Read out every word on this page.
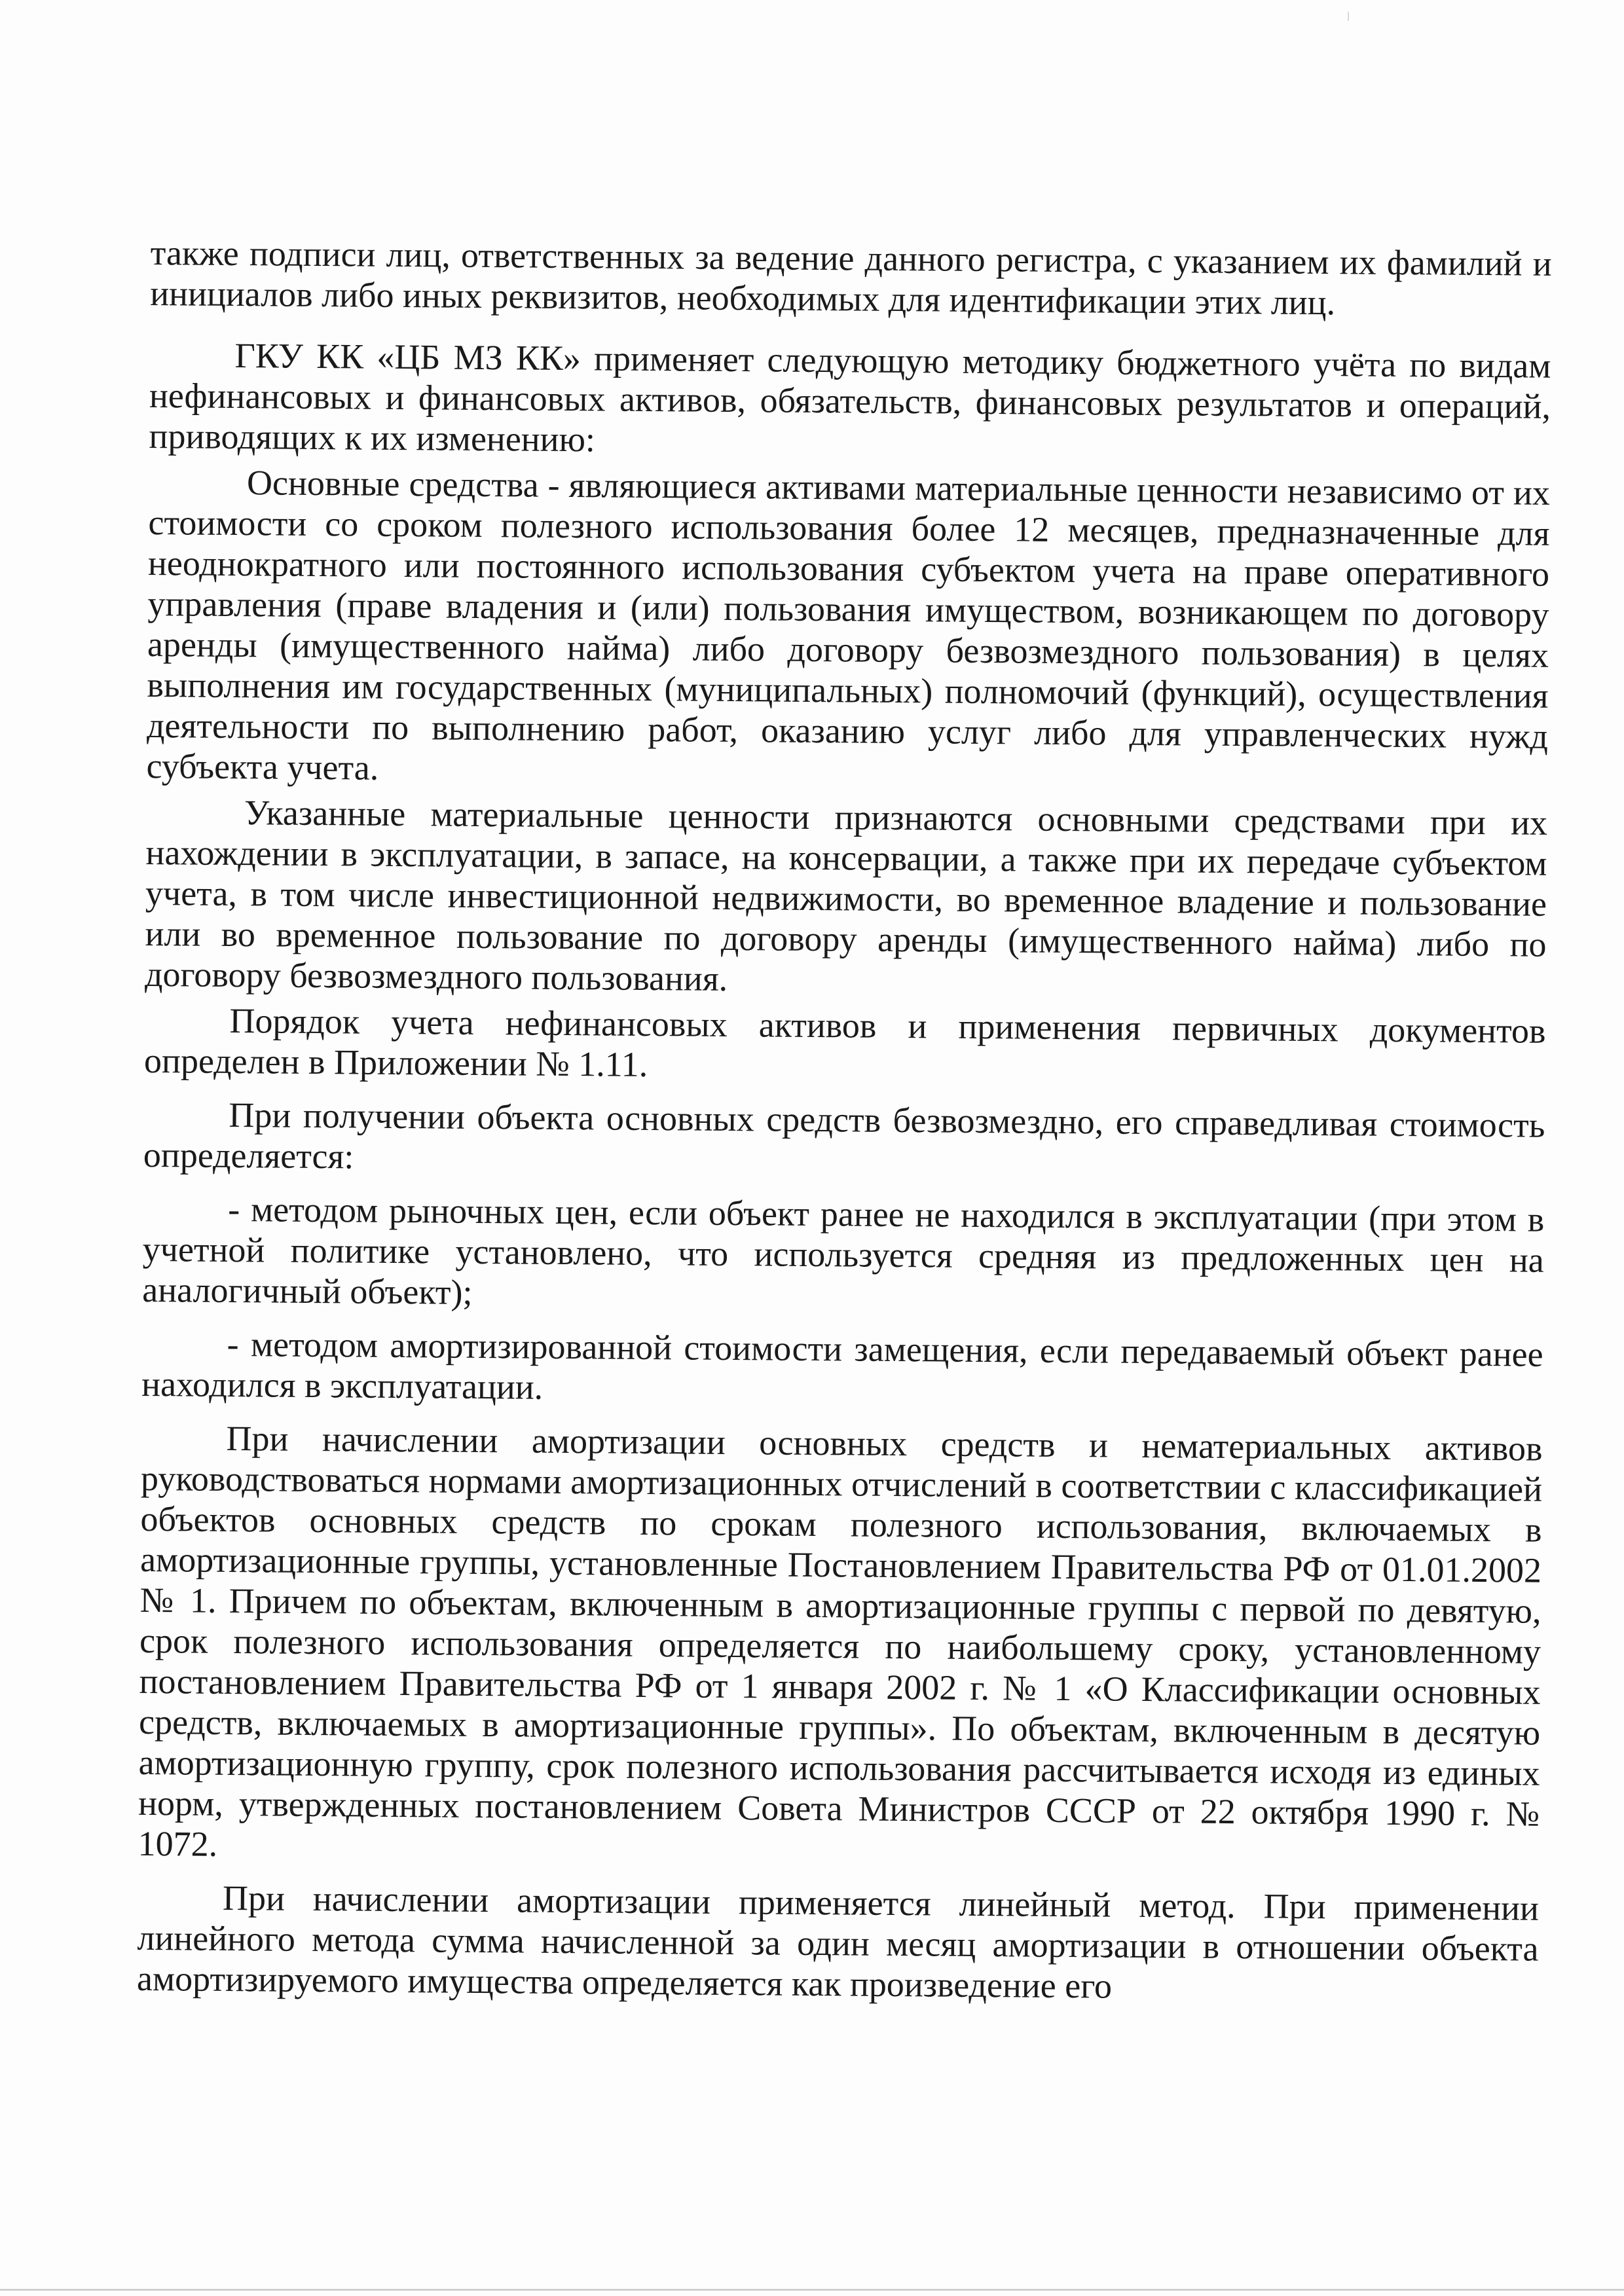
также подписи лиц, ответственных за ведение данного регистра, с указанием их фамилий и инициалов либо иных реквизитов, необходимых для идентификации этих лиц.

ГКУ КК «ЦБ МЗ КК» применяет следующую методику бюджетного учёта по видам нефинансовых и финансовых активов, обязательств, финансовых результатов и операций, приводящих к их изменению:

Основные средства - являющиеся активами материальные ценности независимо от их стоимости со сроком полезного использования более 12 месяцев, предназначенные для неоднократного или постоянного использования субъектом учета на праве оперативного управления (праве владения и (или) пользования имуществом, возникающем по договору аренды (имущественного найма) либо договору безвозмездного пользования) в целях выполнения им государственных (муниципальных) полномочий (функций), осуществления деятельности по выполнению работ, оказанию услуг либо для управленческих нужд субъекта учета.

Указанные материальные ценности признаются основными средствами при их нахождении в эксплуатации, в запасе, на консервации, а также при их передаче субъектом учета, в том числе инвестиционной недвижимости, во временное владение и пользование или во временное пользование по договору аренды (имущественного найма) либо по договору безвозмездного пользования.

Порядок учета нефинансовых активов и применения первичных документов определен в Приложении № 1.11.

При получении объекта основных средств безвозмездно, его справедливая стоимость определяется:

- методом рыночных цен, если объект ранее не находился в эксплуатации (при этом в учетной политике установлено, что используется средняя из предложенных цен на аналогичный объект);

- методом амортизированной стоимости замещения, если передаваемый объект ранее находился в эксплуатации.

При начислении амортизации основных средств и нематериальных активов руководствоваться нормами амортизационных отчислений в соответствии с классификацией объектов основных средств по срокам полезного использования, включаемых в амортизационные группы, установленные Постановлением Правительства РФ от 01.01.2002 № 1. Причем по объектам, включенным в амортизационные группы с первой по девятую, срок полезного использования определяется по наибольшему сроку, установленному постановлением Правительства РФ от 1 января 2002 г. № 1 «О Классификации основных средств, включаемых в амортизационные группы». По объектам, включенным в десятую амортизационную группу, срок полезного использования рассчитывается исходя из единых норм, утвержденных постановлением Совета Министров СССР от 22 октября 1990 г. № 1072.

При начислении амортизации применяется линейный метод. При применении линейного метода сумма начисленной за один месяц амортизации в отношении объекта амортизируемого имущества определяется как произведение его
